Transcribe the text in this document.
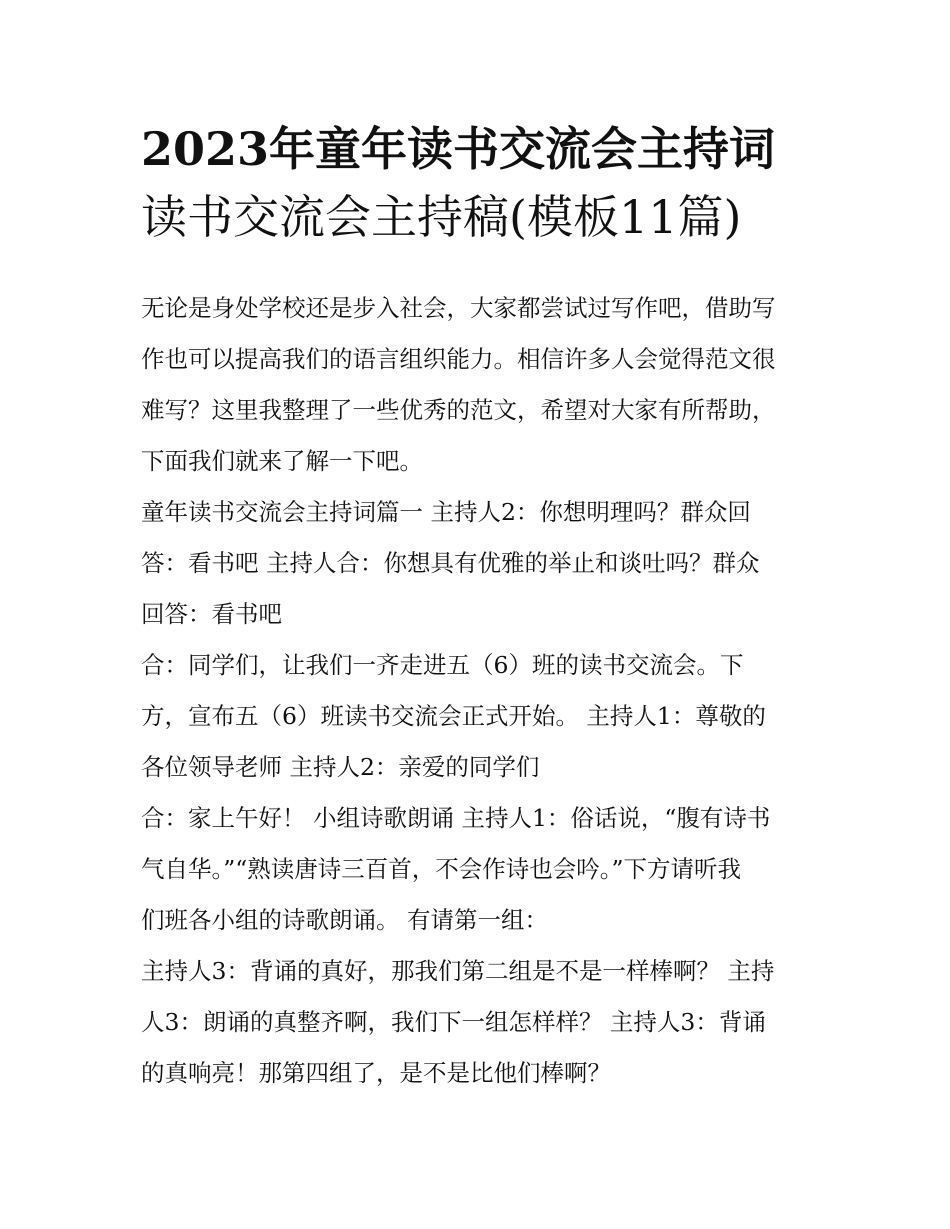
2023年童年读书交流会主持词
读书交流会主持稿(模板11篇)

无论是身处学校还是步入社会，大家都尝试过写作吧，借助写
作也可以提高我们的语言组织能力。相信许多人会觉得范文很
难写？这里我整理了一些优秀的范文，希望对大家有所帮助，
下面我们就来了解一下吧。

童年读书交流会主持词篇一 主持人2：你想明理吗？群众回
答：看书吧 主持人合：你想具有优雅的举止和谈吐吗？群众
回答：看书吧

合：同学们，让我们一齐走进五（6）班的读书交流会。下
方，宣布五（6）班读书交流会正式开始。 主持人1：尊敬的
各位领导老师 主持人2：亲爱的同学们

合：家上午好！ 小组诗歌朗诵 主持人1：俗话说，“腹有诗书
气自华。”“熟读唐诗三百首，不会作诗也会吟。”下方请听我
们班各小组的诗歌朗诵。 有请第一组：

主持人3：背诵的真好，那我们第二组是不是一样棒啊？ 主持
人3：朗诵的真整齐啊，我们下一组怎样样？ 主持人3：背诵
的真响亮！那第四组了，是不是比他们棒啊？
